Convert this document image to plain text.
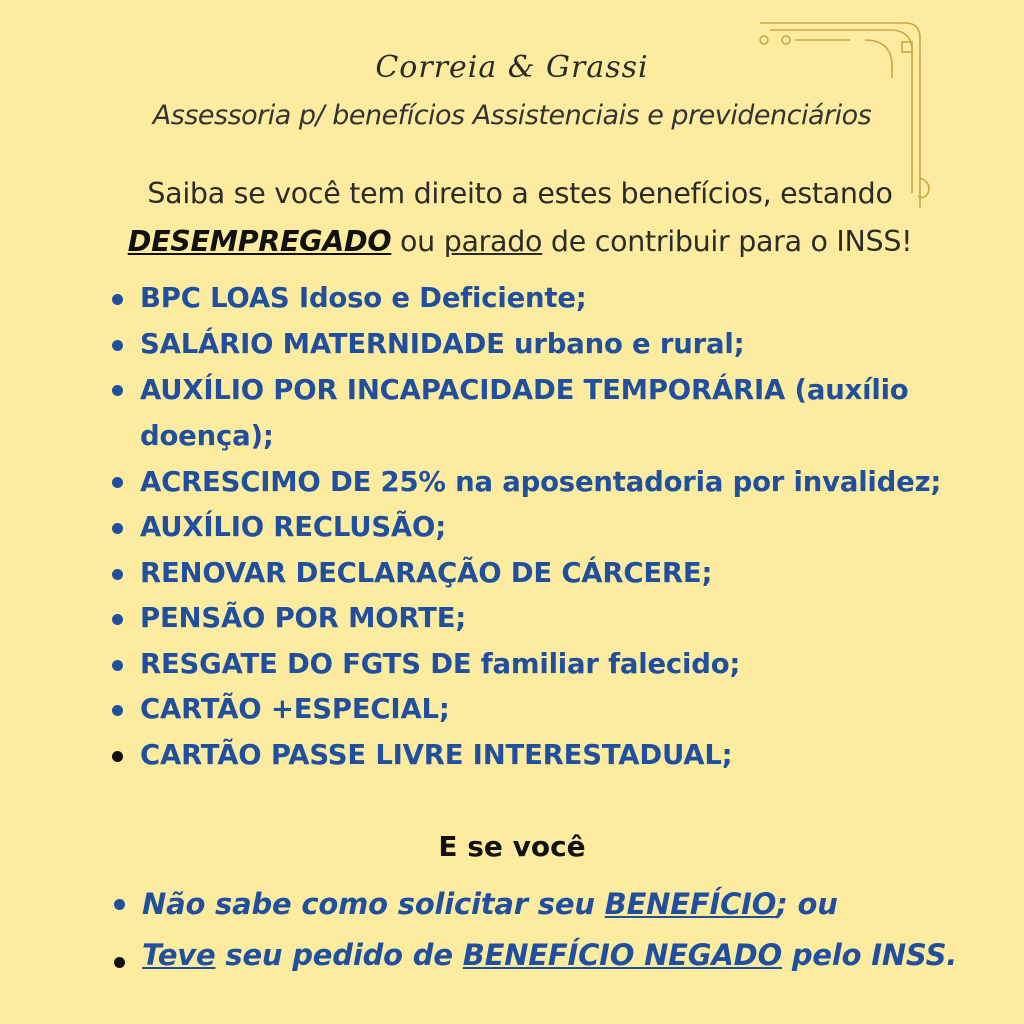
Correia & Grassi
Assessoria p/ benefícios Assistenciais e previdenciários
Saiba se você tem direito a estes benefícios, estando
DESEMPREGADO ou parado de contribuir para o INSS!
BPC LOAS Idoso e Deficiente;
SALÁRIO MATERNIDADE urbano e rural;
AUXÍLIO POR INCAPACIDADE TEMPORÁRIA (auxílio doença);
ACRESCIMO DE 25% na aposentadoria por invalidez;
AUXÍLIO RECLUSÃO;
RENOVAR DECLARAÇÃO DE CÁRCERE;
PENSÃO POR MORTE;
RESGATE DO FGTS DE familiar falecido;
CARTÃO +ESPECIAL;
CARTÃO PASSE LIVRE INTERESTADUAL;
E se você
Não sabe como solicitar seu BENEFÍCIO; ou
Teve seu pedido de BENEFÍCIO NEGADO pelo INSS.
